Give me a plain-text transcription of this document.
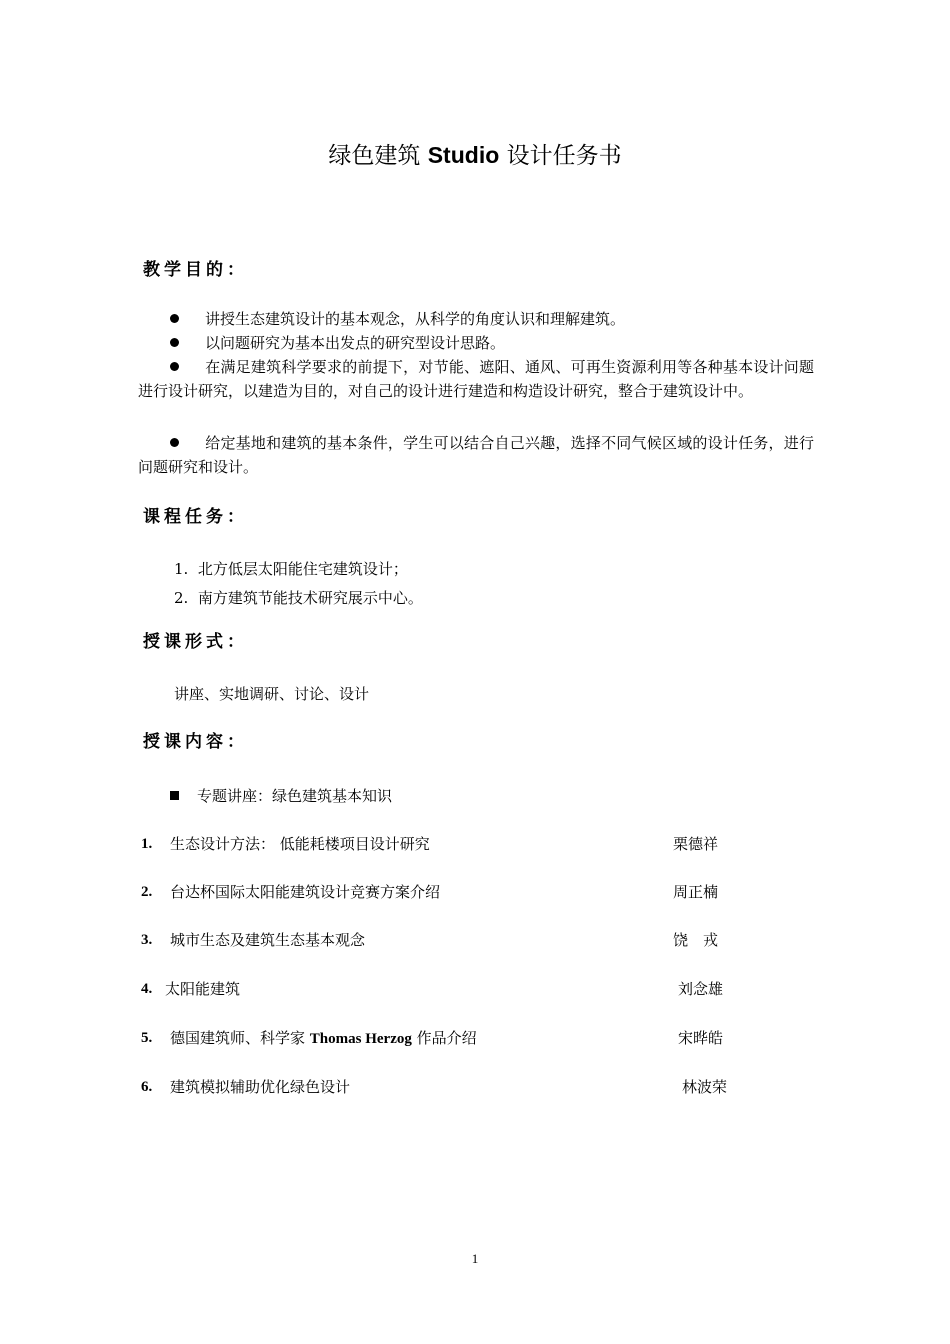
绿色建筑 Studio 设计任务书
教学目的：
讲授生态建筑设计的基本观念，从科学的角度认识和理解建筑。
以问题研究为基本出发点的研究型设计思路。
在满足建筑科学要求的前提下，对节能、遮阳、通风、可再生资源利用等各种基本设计问题进行设计研究，以建造为目的，对自己的设计进行建造和构造设计研究，整合于建筑设计中。
给定基地和建筑的基本条件，学生可以结合自己兴趣，选择不同气候区域的设计任务，进行问题研究和设计。
课程任务：
1. 北方低层太阳能住宅建筑设计；
2. 南方建筑节能技术研究展示中心。
授课形式：
讲座、实地调研、讨论、设计
授课内容：
专题讲座：绿色建筑基本知识
1. 生态设计方法： 低能耗楼项目设计研究	栗德祥
2. 台达杯国际太阳能建筑设计竞赛方案介绍	周正楠
3. 城市生态及建筑生态基本观念	饶　戎
4. 太阳能建筑	刘念雄
5. 德国建筑师、科学家 Thomas Herzog 作品介绍	宋晔皓
6. 建筑模拟辅助优化绿色设计	林波荣
1
